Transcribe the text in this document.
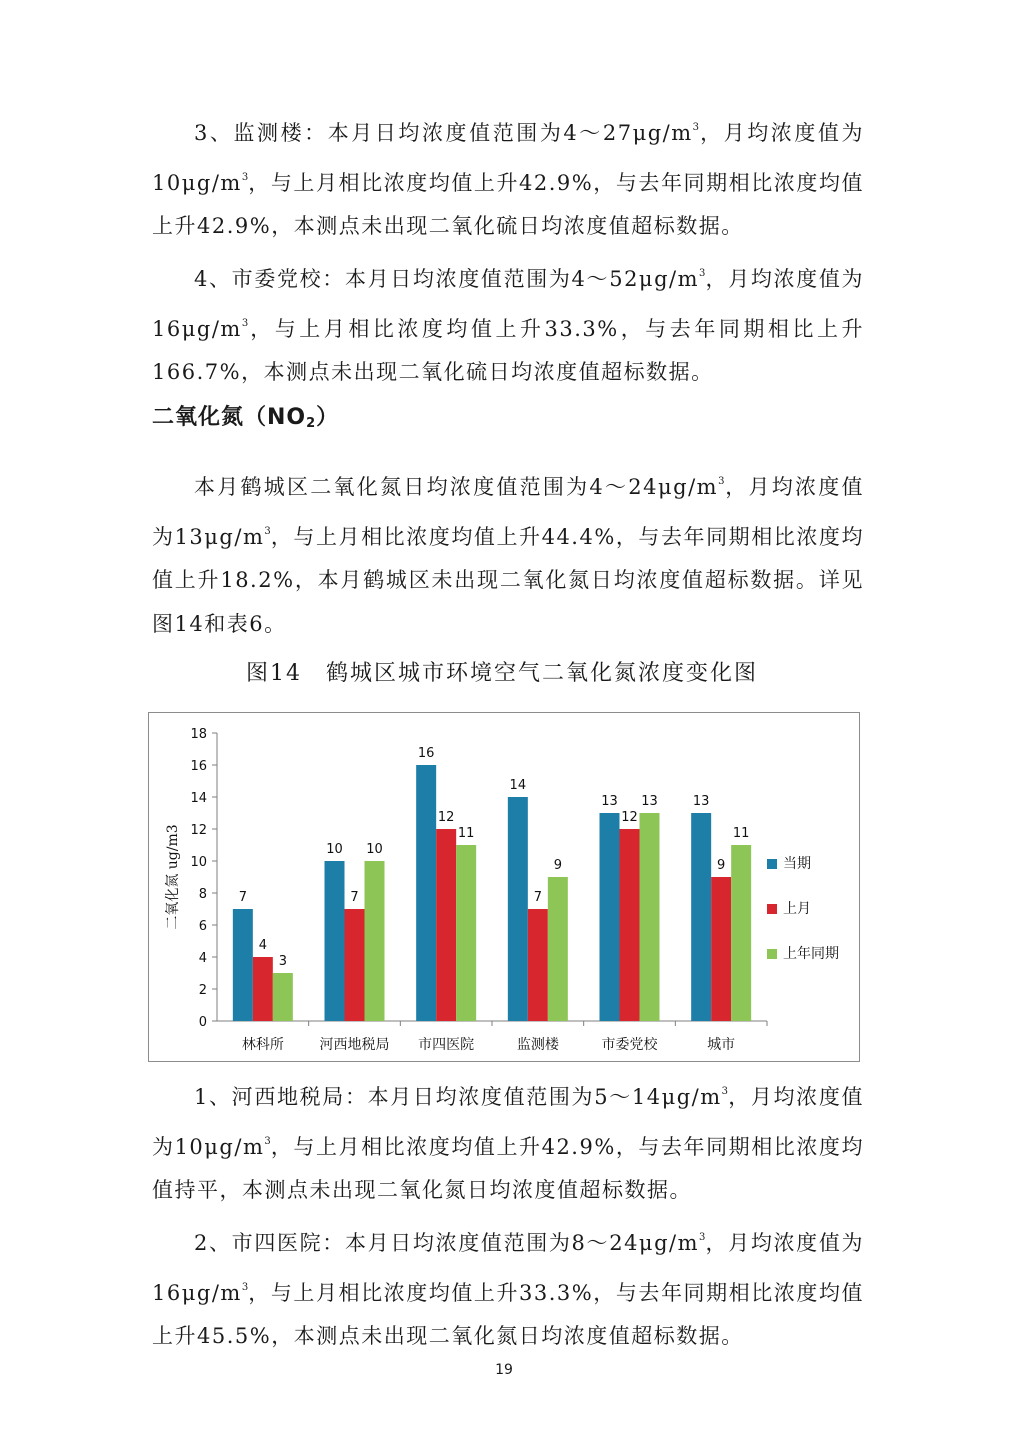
3、监测楼：本月日均浓度值范围为$4\sim 27\mu g/m^3$，月均浓度值为$10\mu g/m^3$，与上月相比浓度均值上升42.9%，与去年同期相比浓度均值上升42.9%，本测点未出现二氧化硫日均浓度值超标数据。

4、市委党校：本月日均浓度值范围为$4\sim 52\mu g/m^3$，月均浓度值为$16\mu g/m^3$，与上月相比浓度均值上升33.3%，与去年同期相比上升166.7%，本测点未出现二氧化硫日均浓度值超标数据。

二氧化氮$(NO_2)$

本月鹤城区二氧化氮日均浓度值范围为$4\sim 24\mu g/m^3$，月均浓度值为$13\mu g/m^3$，与上月相比浓度均值上升44.4%，与去年同期相比浓度均值上升18.2%，本月鹤城区未出现二氧化氮日均浓度值超标数据。详见图14和表6。

图14　鹤城区城市环境空气二氧化氮浓度变化图

0
2
4
6
8
10
12
14
16
18
二氧化氮 ug/m3	7
4
3
林科所
10
7
10
河西地税局
16
12
11
市四医院
14
7
9
监测楼
13
12
13
市委党校
13
9
11
城市
当期
上月
上年同期

1、河西地税局：本月日均浓度值范围为$5\sim 14\mu g/m^3$，月均浓度值为$10\mu g/m^3$，与上月相比浓度均值上升42.9%，与去年同期相比浓度均值持平，本测点未出现二氧化氮日均浓度值超标数据。

2、市四医院：本月日均浓度值范围为$8\sim 24\mu g/m^3$，月均浓度值为$16\mu g/m^3$，与上月相比浓度均值上升33.3%，与去年同期相比浓度均值上升45.5%，本测点未出现二氧化氮日均浓度值超标数据。

19
